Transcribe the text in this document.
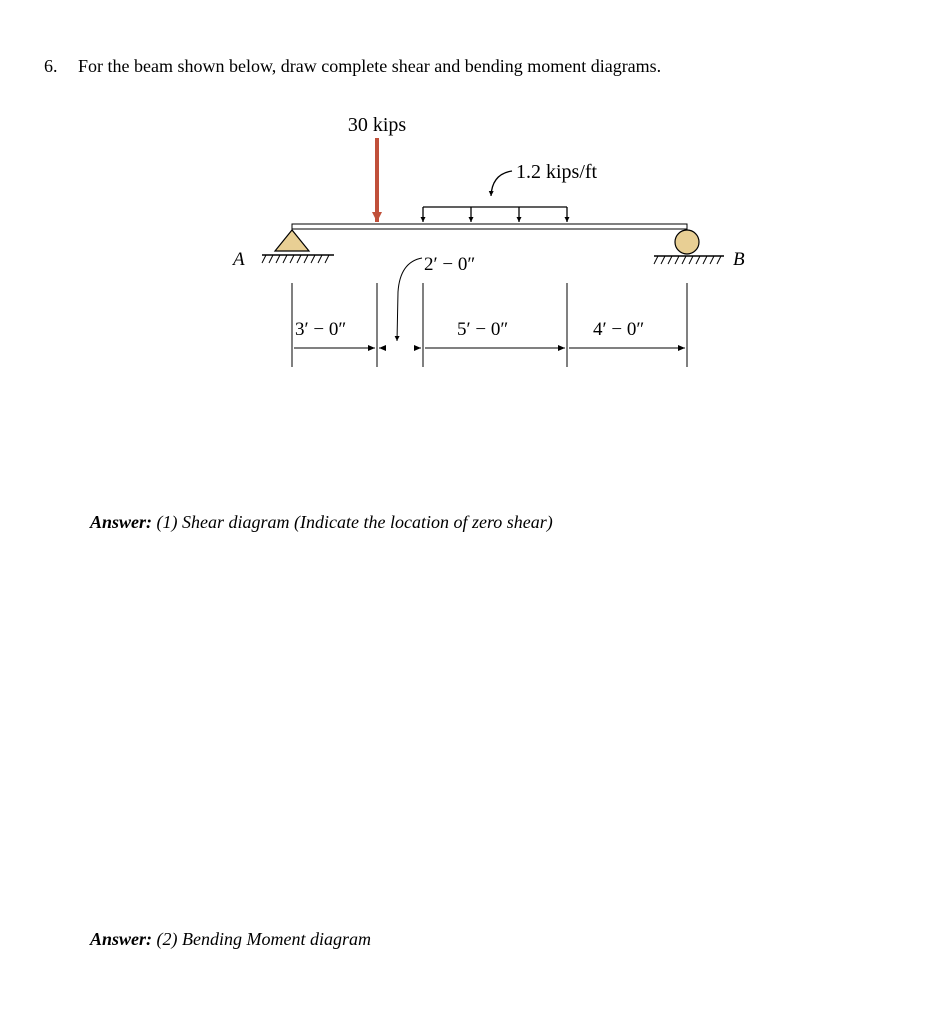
6. For the beam shown below, draw complete shear and bending moment diagrams.
30 kips
1.2 kips/ft
A	B
2′ − 0″
3′ − 0″	5′ − 0″	4′ − 0″
Answer: (1) Shear diagram (Indicate the location of zero shear)
Answer: (2) Bending Moment diagram
